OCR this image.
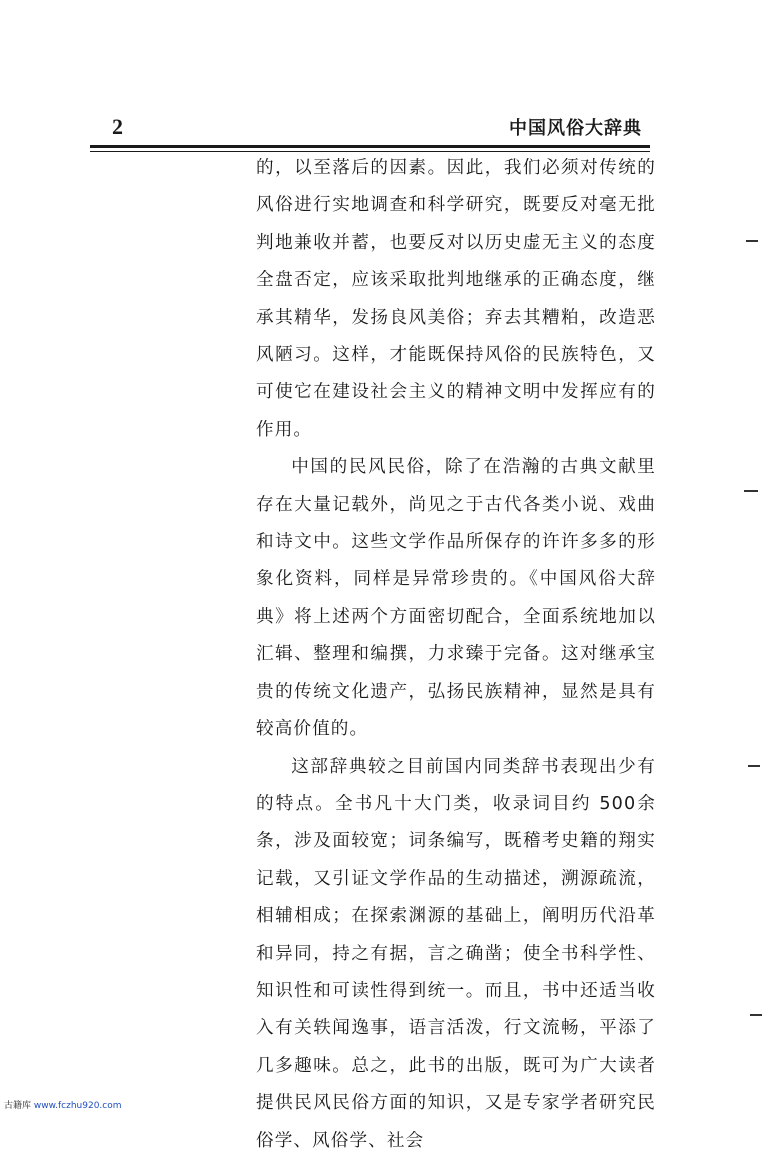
2	中国风俗大辞典

的，以至落后的因素。因此，我们必须对传统的风俗进行实地调查和科学研究，既要反对毫无批判地兼收并蓄，也要反对以历史虚无主义的态度全盘否定，应该采取批判地继承的正确态度，继承其精华，发扬良风美俗；弃去其糟粕，改造恶风陋习。这样，才能既保持风俗的民族特色，又可使它在建设社会主义的精神文明中发挥应有的作用。

中国的民风民俗，除了在浩瀚的古典文献里存在大量记载外，尚见之于古代各类小说、戏曲和诗文中。这些文学作品所保存的许许多多的形象化资料，同样是异常珍贵的。《中国风俗大辞典》将上述两个方面密切配合，全面系统地加以汇辑、整理和编撰，力求臻于完备。这对继承宝贵的传统文化遗产，弘扬民族精神，显然是具有较高价值的。

这部辞典较之目前国内同类辞书表现出少有的特点。全书凡十大门类，收录词目约 500余条，涉及面较宽；词条编写，既稽考史籍的翔实记载，又引证文学作品的生动描述，溯源疏流，相辅相成；在探索渊源的基础上，阐明历代沿革和异同，持之有据，言之确凿；使全书科学性、知识性和可读性得到统一。而且，书中还适当收入有关轶闻逸事，语言活泼，行文流畅，平添了几多趣味。总之，此书的出版，既可为广大读者提供民风民俗方面的知识，又是专家学者研究民俗学、风俗学、社会

古籍库 www.fczhu920.com
